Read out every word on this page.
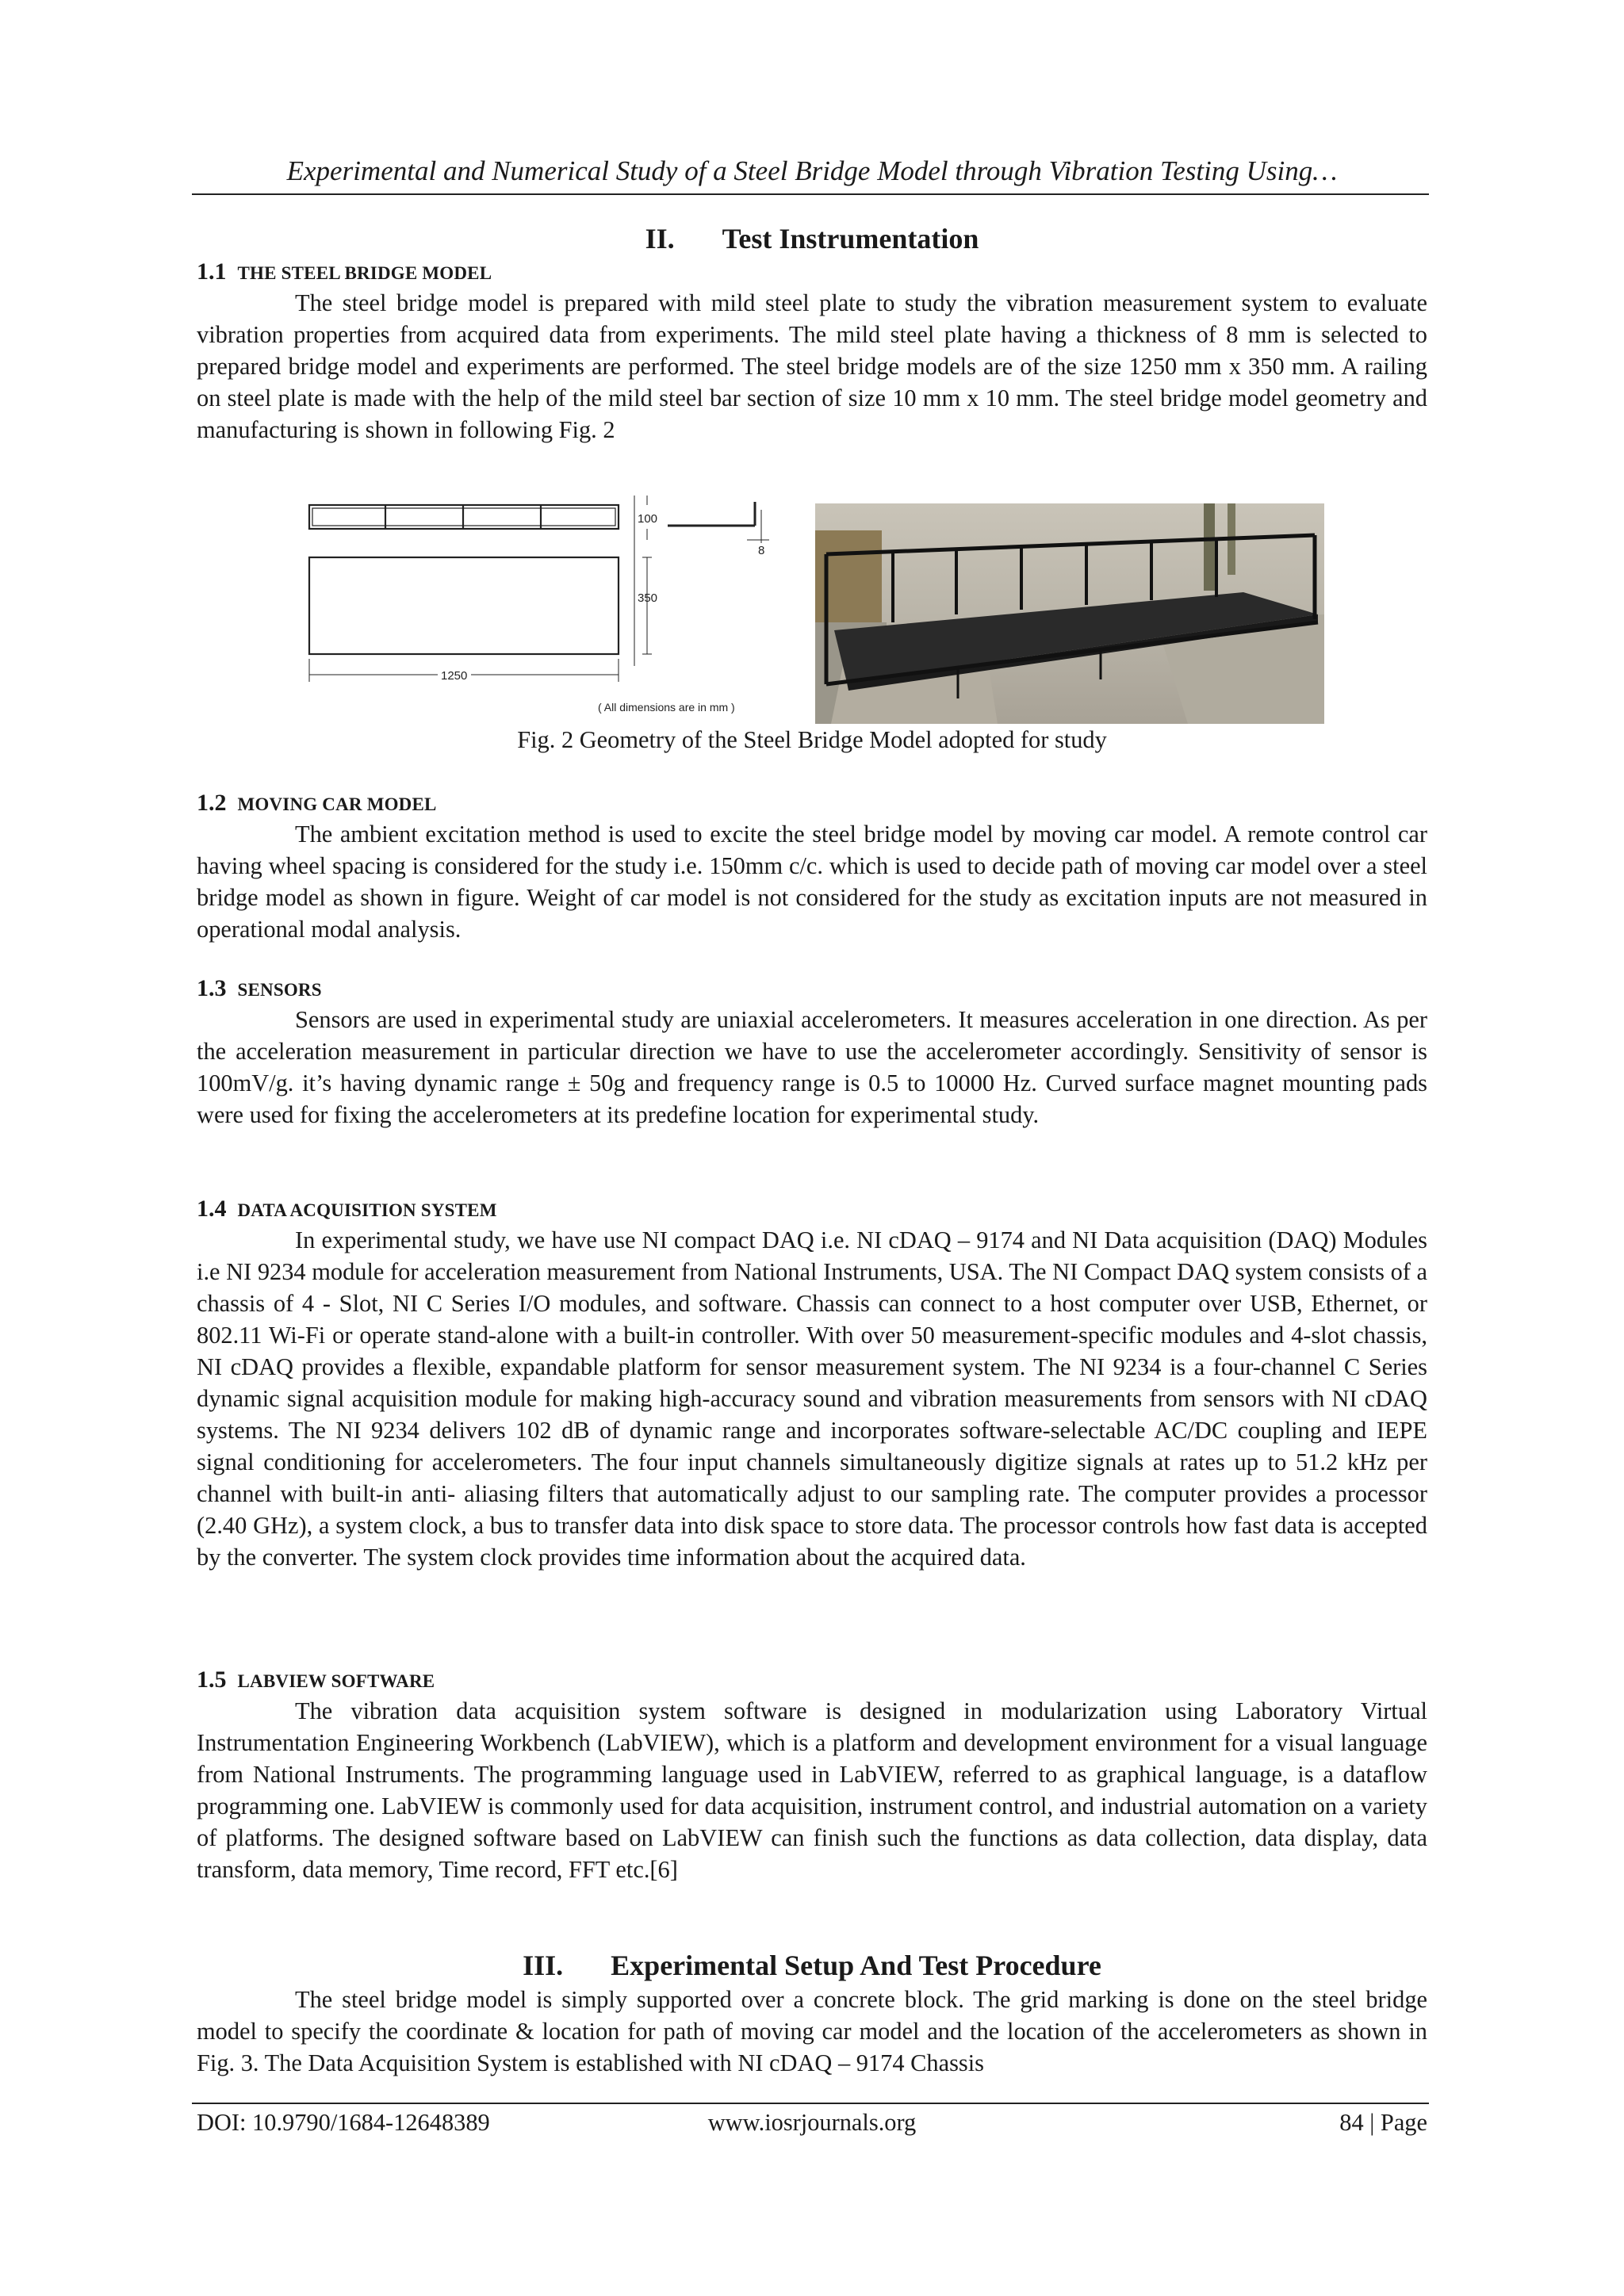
Experimental and Numerical Study of a Steel Bridge Model through Vibration Testing Using…
II. Test Instrumentation
1.1 THE STEEL BRIDGE MODEL
The steel bridge model is prepared with mild steel plate to study the vibration measurement system to evaluate vibration properties from acquired data from experiments. The mild steel plate having a thickness of 8 mm is selected to prepared bridge model and experiments are performed. The steel bridge models are of the size 1250 mm x 350 mm. A railing on steel plate is made with the help of the mild steel bar section of size 10 mm x 10 mm. The steel bridge model geometry and manufacturing is shown in following Fig. 2
100
8
350
1250
( All dimensions are in mm )
Fig. 2 Geometry of the Steel Bridge Model adopted for study
1.2 MOVING CAR MODEL
The ambient excitation method is used to excite the steel bridge model by moving car model. A remote control car having wheel spacing is considered for the study i.e. 150mm c/c. which is used to decide path of moving car model over a steel bridge model as shown in figure. Weight of car model is not considered for the study as excitation inputs are not measured in operational modal analysis.
1.3 SENSORS
Sensors are used in experimental study are uniaxial accelerometers. It measures acceleration in one direction. As per the acceleration measurement in particular direction we have to use the accelerometer accordingly. Sensitivity of sensor is 100mV/g. it’s having dynamic range ± 50g and frequency range is 0.5 to 10000 Hz. Curved surface magnet mounting pads were used for fixing the accelerometers at its predefine location for experimental study.
1.4 DATA ACQUISITION SYSTEM
In experimental study, we have use NI compact DAQ i.e. NI cDAQ – 9174 and NI Data acquisition (DAQ) Modules i.e NI 9234 module for acceleration measurement from National Instruments, USA. The NI Compact DAQ system consists of a chassis of 4 - Slot, NI C Series I/O modules, and software. Chassis can connect to a host computer over USB, Ethernet, or 802.11 Wi-Fi or operate stand-alone with a built-in controller. With over 50 measurement-specific modules and 4-slot chassis, NI cDAQ provides a flexible, expandable platform for sensor measurement system. The NI 9234 is a four-channel C Series dynamic signal acquisition module for making high-accuracy sound and vibration measurements from sensors with NI cDAQ systems. The NI 9234 delivers 102 dB of dynamic range and incorporates software-selectable AC/DC coupling and IEPE signal conditioning for accelerometers. The four input channels simultaneously digitize signals at rates up to 51.2 kHz per channel with built-in anti- aliasing filters that automatically adjust to our sampling rate. The computer provides a processor (2.40 GHz), a system clock, a bus to transfer data into disk space to store data. The processor controls how fast data is accepted by the converter. The system clock provides time information about the acquired data.
1.5 LABVIEW SOFTWARE
The vibration data acquisition system software is designed in modularization using Laboratory Virtual Instrumentation Engineering Workbench (LabVIEW), which is a platform and development environment for a visual language from National Instruments. The programming language used in LabVIEW, referred to as graphical language, is a dataflow programming one. LabVIEW is commonly used for data acquisition, instrument control, and industrial automation on a variety of platforms. The designed software based on LabVIEW can finish such the functions as data collection, data display, data transform, data memory, Time record, FFT etc.[6]
III. Experimental Setup And Test Procedure
The steel bridge model is simply supported over a concrete block. The grid marking is done on the steel bridge model to specify the coordinate & location for path of moving car model and the location of the accelerometers as shown in Fig. 3. The Data Acquisition System is established with NI cDAQ – 9174 Chassis
DOI: 10.9790/1684-12648389	www.iosrjournals.org	84 | Page
